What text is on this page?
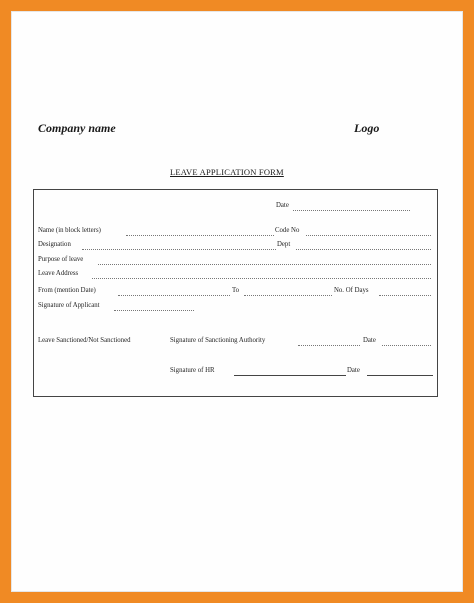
Company name	Logo
LEAVE APPLICATION FORM
Date
Name (in block letters)	Code No
Designation	Dept
Purpose of leave
Leave Address
From (mention Date)	To	No. Of Days
Signature of Applicant
Leave Sanctioned/Not Sanctioned	Signature of Sanctioning Authority	Date
Signature of HR	Date
